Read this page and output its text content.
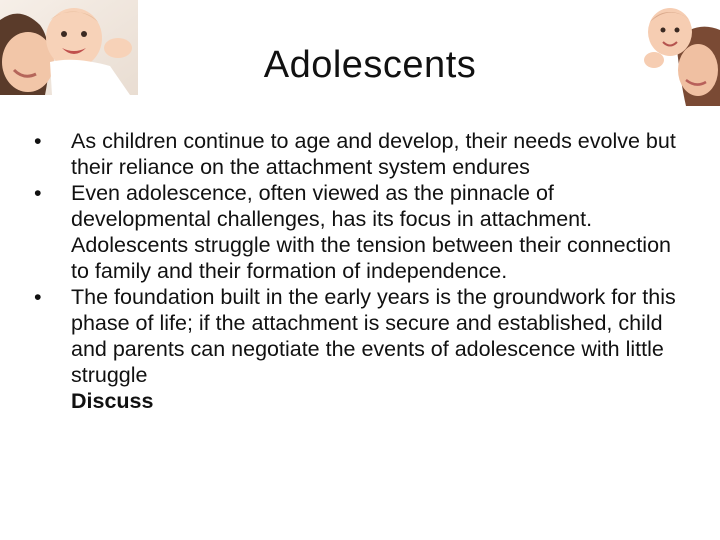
Adolescents
•	As children continue to age and develop, their needs evolve but their reliance on the attachment system endures
•	Even adolescence, often viewed as the pinnacle of developmental challenges, has its focus in attachment. Adolescents struggle with the tension between their connection to family and their formation of independence.
•	The foundation built in the early years is the groundwork for this phase of life; if the attachment is secure and established, child and parents can negotiate the events of adolescence with little struggle
Discuss
